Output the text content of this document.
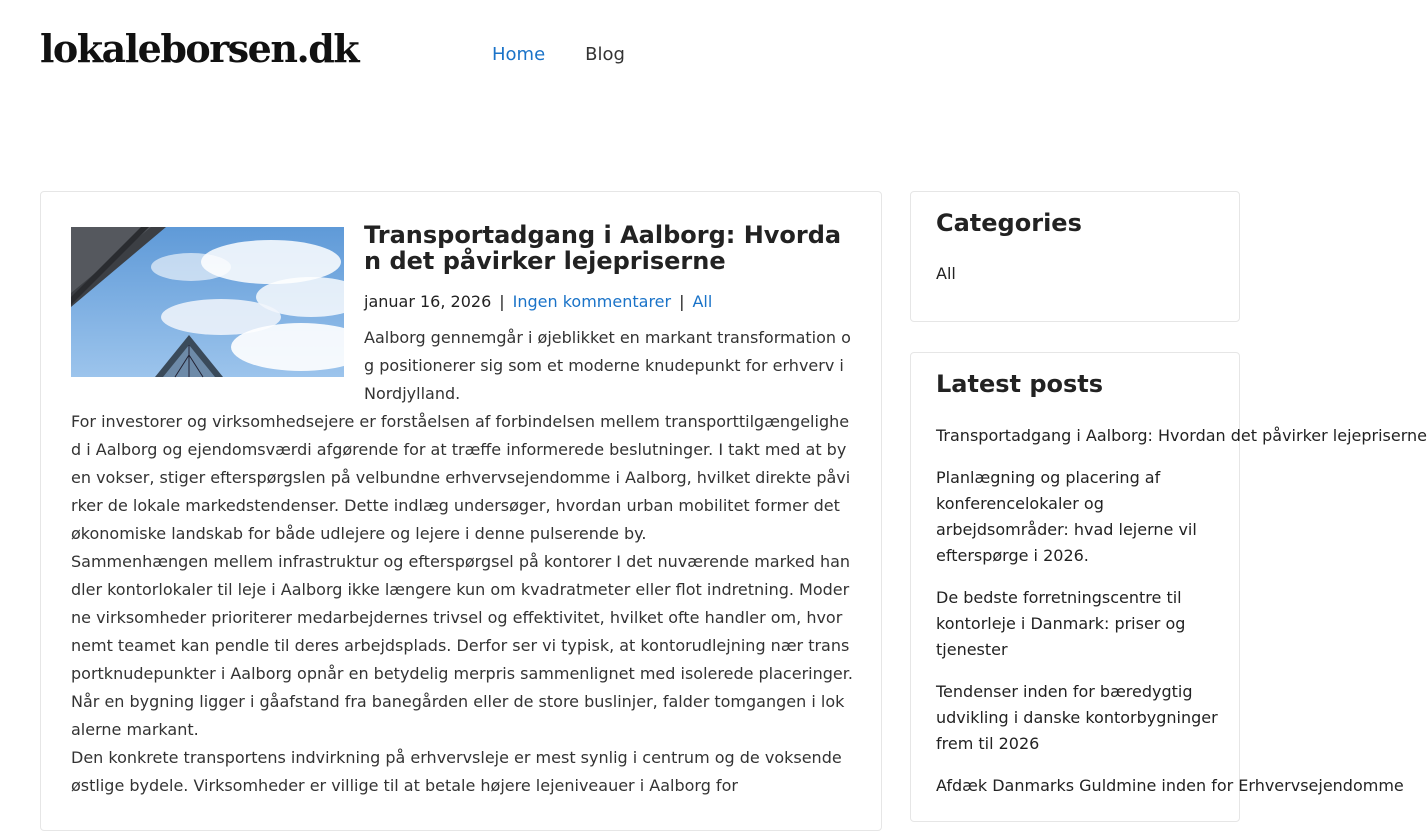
lokaleborsen.dk	Home Blog
Transportadgang i Aalborg: Hvordan det påvirker lejepriserne
januar 16, 2026 | Ingen kommentarer | All

Aalborg gennemgår i øjeblikket en markant transformation og positionerer sig som et moderne knudepunkt for erhverv i Nordjylland.

For investorer og virksomhedsejere er forståelsen af forbindelsen mellem transporttilgængelighed i Aalborg og ejendomsværdi afgørende for at træffe informerede beslutninger. I takt med at byen vokser, stiger efterspørgslen på velbundne erhvervsejendomme i Aalborg, hvilket direkte påvirker de lokale markedstendenser. Dette indlæg undersøger, hvordan urban mobilitet former det økonomiske landskab for både udlejere og lejere i denne pulserende by.

Sammenhængen mellem infrastruktur og efterspørgsel på kontorer I det nuværende marked handler kontorlokaler til leje i Aalborg ikke længere kun om kvadratmeter eller flot indretning. Moderne virksomheder prioriterer medarbejdernes trivsel og effektivitet, hvilket ofte handler om, hvor nemt teamet kan pendle til deres arbejdsplads. Derfor ser vi typisk, at kontorudlejning nær transportknudepunkter i Aalborg opnår en betydelig merpris sammenlignet med isolerede placeringer. Når en bygning ligger i gåafstand fra banegården eller de store buslinjer, falder tomgangen i lokalerne markant.

Den konkrete transportens indvirkning på erhvervsleje er mest synlig i centrum og de voksende østlige bydele. Virksomheder er villige til at betale højere lejeniveauer i Aalborg for

Categories
All
Latest posts
Transportadgang i Aalborg: Hvordan det påvirker lejepriserne
Planlægning og placering af konferencelokaler og arbejdsområder: hvad lejerne vil efterspørge i 2026.
De bedste forretningscentre til kontorleje i Danmark: priser og tjenester
Tendenser inden for bæredygtig udvikling i danske kontorbygninger frem til 2026
Afdæk Danmarks Guldmine inden for Erhvervsejendomme
